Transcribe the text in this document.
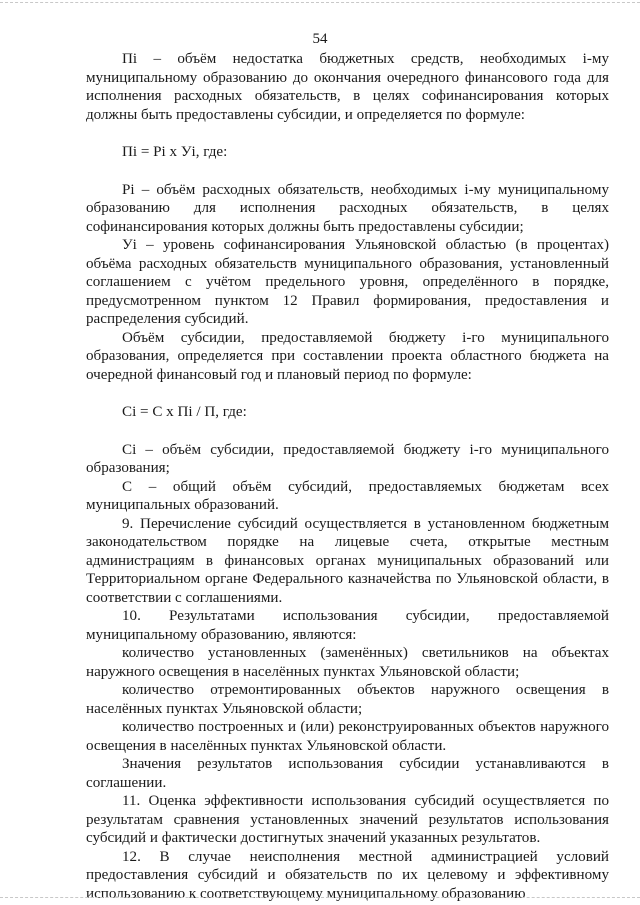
54

Пi – объём недостатка бюджетных средств, необходимых i-му муниципальному образованию до окончания очередного финансового года для исполнения расходных обязательств, в целях софинансирования которых должны быть предоставлены субсидии, и определяется по формуле:

Пi = Рi х Уi, где:

Рi – объём расходных обязательств, необходимых i-му муниципальному образованию для исполнения расходных обязательств, в целях софинансирования которых должны быть предоставлены субсидии;

Уi – уровень софинансирования Ульяновской областью (в процентах) объёма расходных обязательств муниципального образования, установленный соглашением с учётом предельного уровня, определённого в порядке, предусмотренном пунктом 12 Правил формирования, предоставления и распределения субсидий.

Объём субсидии, предоставляемой бюджету i-го муниципального образования, определяется при составлении проекта областного бюджета на очередной финансовый год и плановый период по формуле:

Сi = С х Пi / П, где:

Сi – объём субсидии, предоставляемой бюджету i-го муниципального образования;

С – общий объём субсидий, предоставляемых бюджетам всех муниципальных образований.

9. Перечисление субсидий осуществляется в установленном бюджетным законодательством порядке на лицевые счета, открытые местным администрациям в финансовых органах муниципальных образований или Территориальном органе Федерального казначейства по Ульяновской области, в соответствии с соглашениями.

10. Результатами использования субсидии, предоставляемой муниципальному образованию, являются:

количество установленных (заменённых) светильников на объектах наружного освещения в населённых пунктах Ульяновской области;

количество отремонтированных объектов наружного освещения в населённых пунктах Ульяновской области;

количество построенных и (или) реконструированных объектов наружного освещения в населённых пунктах Ульяновской области.

Значения результатов использования субсидии устанавливаются в соглашении.

11. Оценка эффективности использования субсидий осуществляется по результатам сравнения установленных значений результатов использования субсидий и фактически достигнутых значений указанных результатов.

12. В случае неисполнения местной администрацией условий предоставления субсидий и обязательств по их целевому и эффективному использованию к соответствующему муниципальному образованию
